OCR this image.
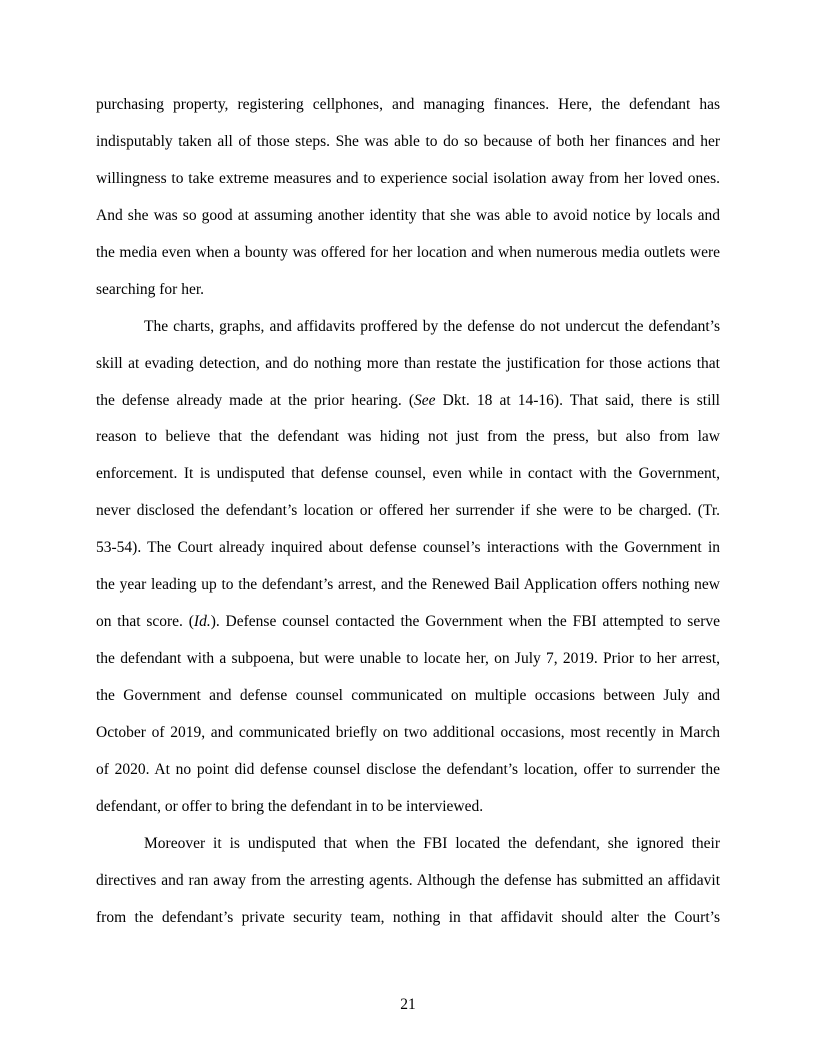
purchasing property, registering cellphones, and managing finances. Here, the defendant has
indisputably taken all of those steps. She was able to do so because of both her finances and her
willingness to take extreme measures and to experience social isolation away from her loved ones.
And she was so good at assuming another identity that she was able to avoid notice by locals and
the media even when a bounty was offered for her location and when numerous media outlets were
searching for her.
The charts, graphs, and affidavits proffered by the defense do not undercut the defendant’s
skill at evading detection, and do nothing more than restate the justification for those actions that
the defense already made at the prior hearing. (See Dkt. 18 at 14-16). That said, there is still
reason to believe that the defendant was hiding not just from the press, but also from law
enforcement. It is undisputed that defense counsel, even while in contact with the Government,
never disclosed the defendant’s location or offered her surrender if she were to be charged. (Tr.
53-54). The Court already inquired about defense counsel’s interactions with the Government in
the year leading up to the defendant’s arrest, and the Renewed Bail Application offers nothing new
on that score. (Id.). Defense counsel contacted the Government when the FBI attempted to serve
the defendant with a subpoena, but were unable to locate her, on July 7, 2019. Prior to her arrest,
the Government and defense counsel communicated on multiple occasions between July and
October of 2019, and communicated briefly on two additional occasions, most recently in March
of 2020. At no point did defense counsel disclose the defendant’s location, offer to surrender the
defendant, or offer to bring the defendant in to be interviewed.
Moreover it is undisputed that when the FBI located the defendant, she ignored their
directives and ran away from the arresting agents. Although the defense has submitted an affidavit
from the defendant’s private security team, nothing in that affidavit should alter the Court’s
21
